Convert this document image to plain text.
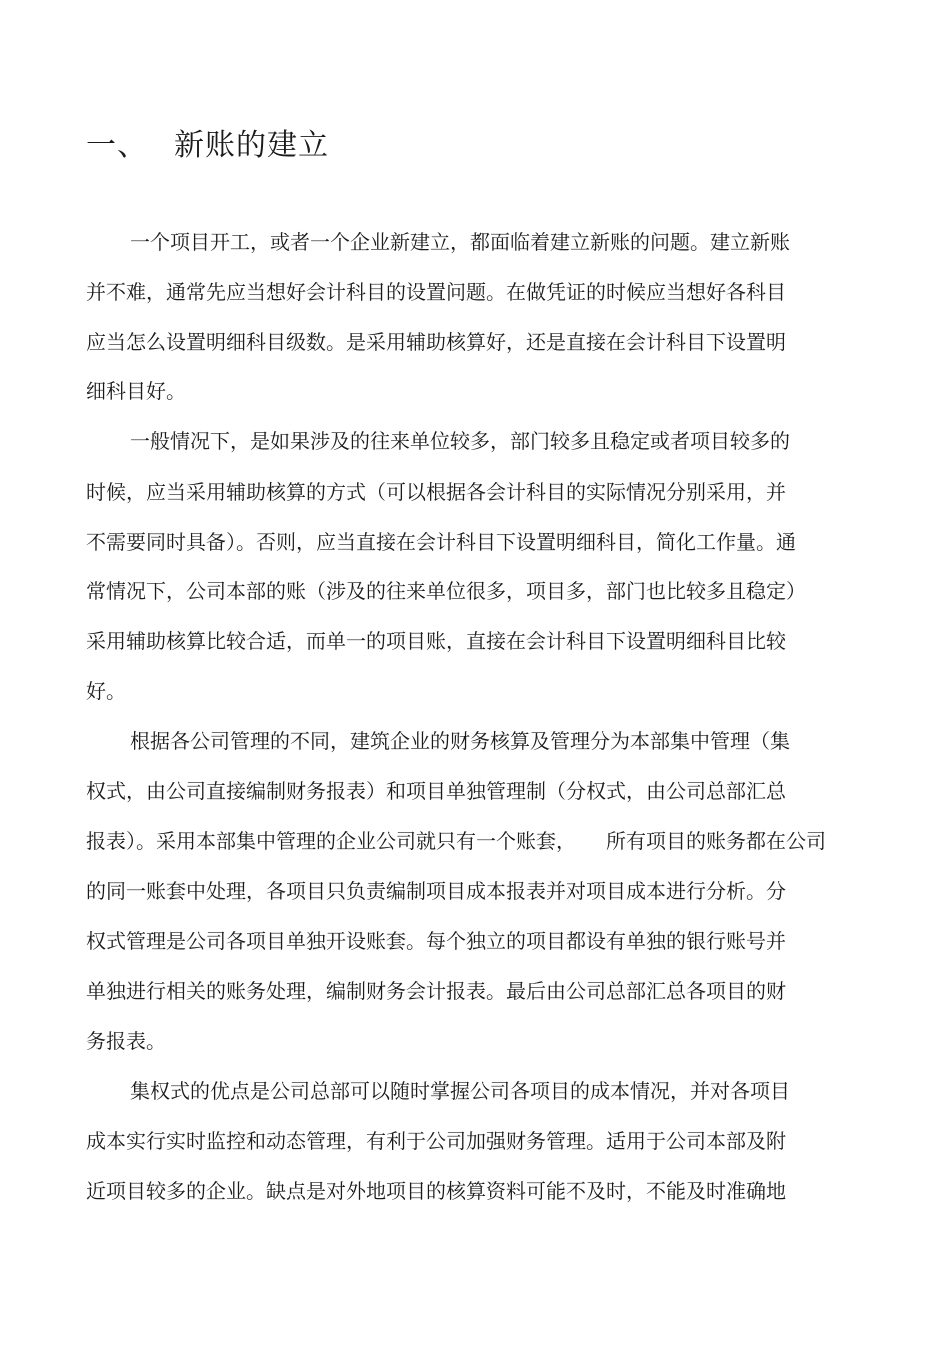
一、 新账的建立
一个项目开工，或者一个企业新建立，都面临着建立新账的问题。建立新账
并不难，通常先应当想好会计科目的设置问题。在做凭证的时候应当想好各科目
应当怎么设置明细科目级数。是采用辅助核算好，还是直接在会计科目下设置明
细科目好。
一般情况下，是如果涉及的往来单位较多，部门较多且稳定或者项目较多的
时候，应当采用辅助核算的方式（可以根据各会计科目的实际情况分别采用，并
不需要同时具备）。否则，应当直接在会计科目下设置明细科目，简化工作量。通
常情况下，公司本部的账（涉及的往来单位很多，项目多，部门也比较多且稳定）
采用辅助核算比较合适，而单一的项目账，直接在会计科目下设置明细科目比较
好。
根据各公司管理的不同，建筑企业的财务核算及管理分为本部集中管理（集
权式，由公司直接编制财务报表）和项目单独管理制（分权式，由公司总部汇总
报表）。采用本部集中管理的企业公司就只有一个账套，　　所有项目的账务都在公司
的同一账套中处理，各项目只负责编制项目成本报表并对项目成本进行分析。分
权式管理是公司各项目单独开设账套。每个独立的项目都设有单独的银行账号并
单独进行相关的账务处理，编制财务会计报表。最后由公司总部汇总各项目的财
务报表。
集权式的优点是公司总部可以随时掌握公司各项目的成本情况，并对各项目
成本实行实时监控和动态管理，有利于公司加强财务管理。适用于公司本部及附
近项目较多的企业。缺点是对外地项目的核算资料可能不及时，不能及时准确地
